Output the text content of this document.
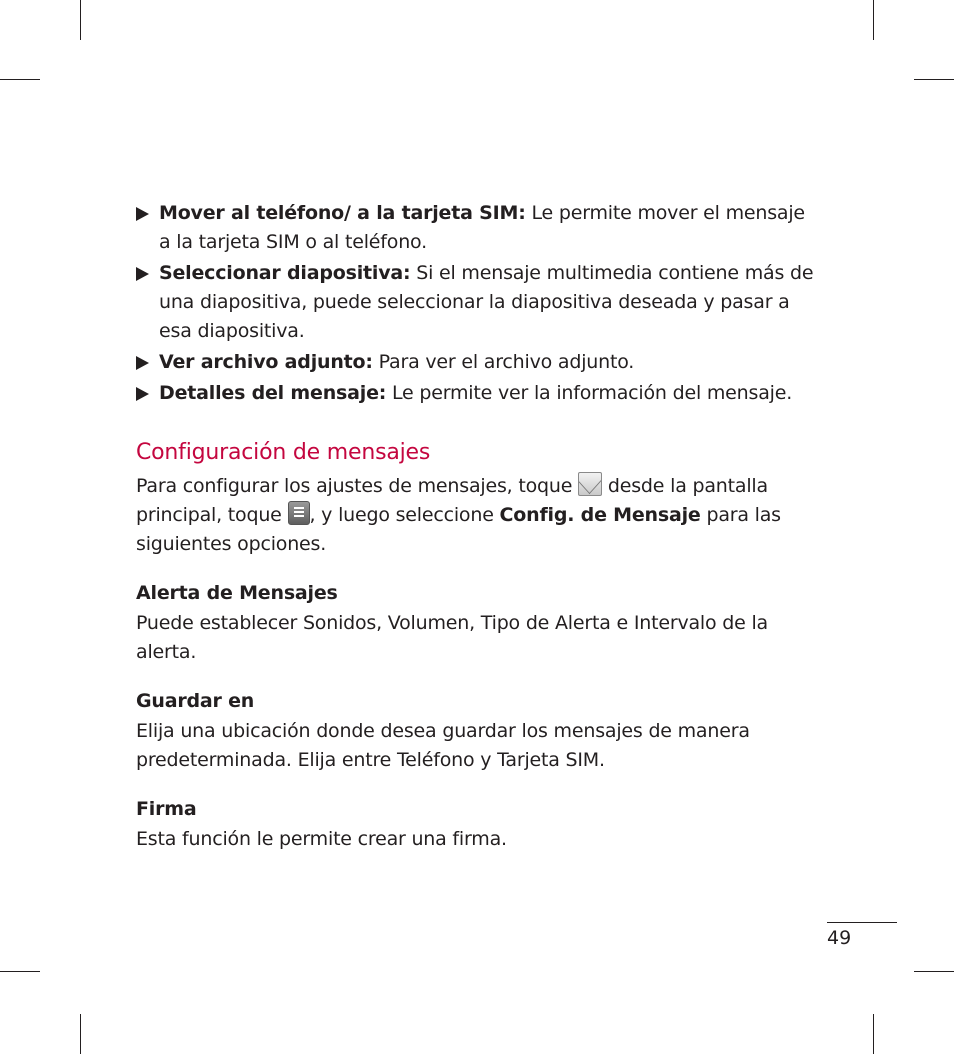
Mover al teléfono/ a la tarjeta SIM: Le permite mover el mensaje a la tarjeta SIM o al teléfono.
Seleccionar diapositiva: Si el mensaje multimedia contiene más de una diapositiva, puede seleccionar la diapositiva deseada y pasar a esa diapositiva.
Ver archivo adjunto: Para ver el archivo adjunto.
Detalles del mensaje: Le permite ver la información del mensaje.
Configuración de mensajes

Para configurar los ajustes de mensajes, toque  desde la pantalla principal, toque
, y luego seleccione Config. de Mensaje para las siguientes opciones.

Alerta de Mensajes

Puede establecer Sonidos, Volumen, Tipo de Alerta e Intervalo de la alerta.

Guardar en

Elija una ubicación donde desea guardar los mensajes de manera predeterminada. Elija entre Teléfono y Tarjeta SIM.

Firma

Esta función le permite crear una firma.

49
